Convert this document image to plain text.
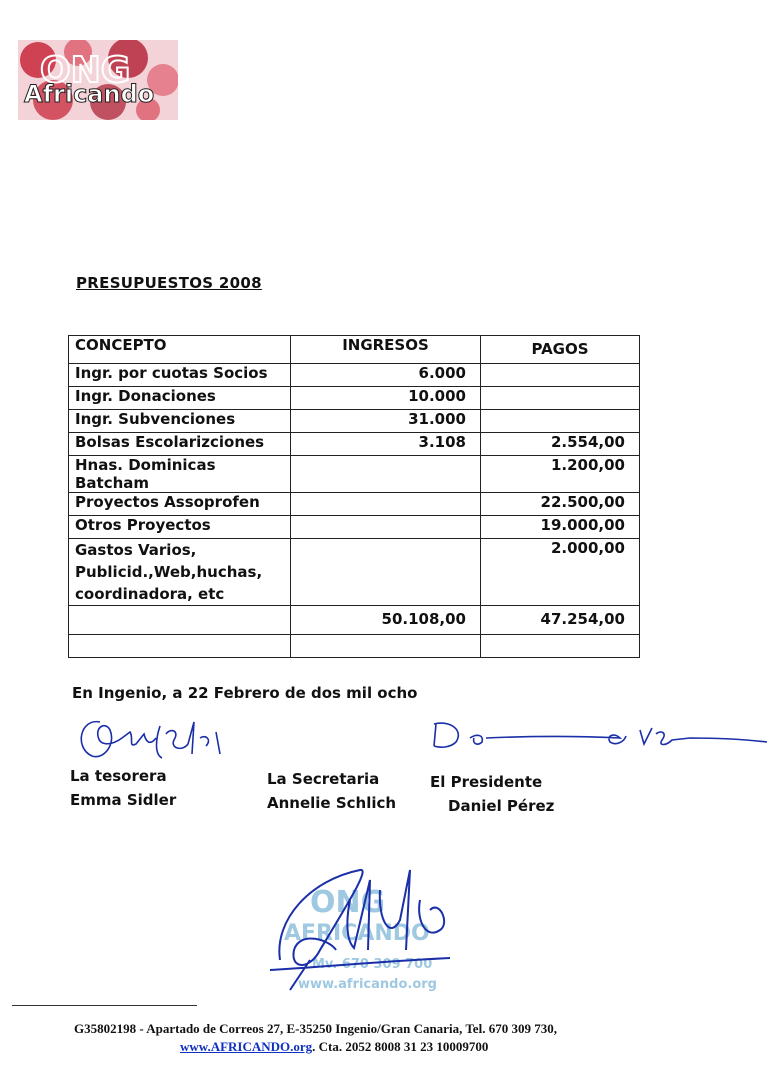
ONG
Africando
PRESUPUESTOS 2008
CONCEPTO	INGRESOS	PAGOS
Ingr. por cuotas Socios	6.000	
Ingr. Donaciones	10.000	
Ingr. Subvenciones	31.000	
Bolsas Escolarizciones	3.108	2.554,00
Hnas. Dominicas Batcham		1.200,00
Proyectos Assoprofen		22.500,00
Otros Proyectos		19.000,00

Gastos Varios,
Publicid.,Web,huchas,
coordinadora, etc		2.000,00
	50.108,00	47.254,00

En Ingenio, a 22 Febrero de dos mil ocho
La tesorera
Emma Sidler
La Secretaria
Annelie Schlich
El Presidente
Daniel Pérez
ONG
AFRICANDO
Mv. 670 309 700
www.africando.org
G35802198 - Apartado de Correos 27, E-35250 Ingenio/Gran Canaria, Tel. 670 309 730,
www.AFRICANDO.org. Cta. 2052 8008 31 23 10009700
